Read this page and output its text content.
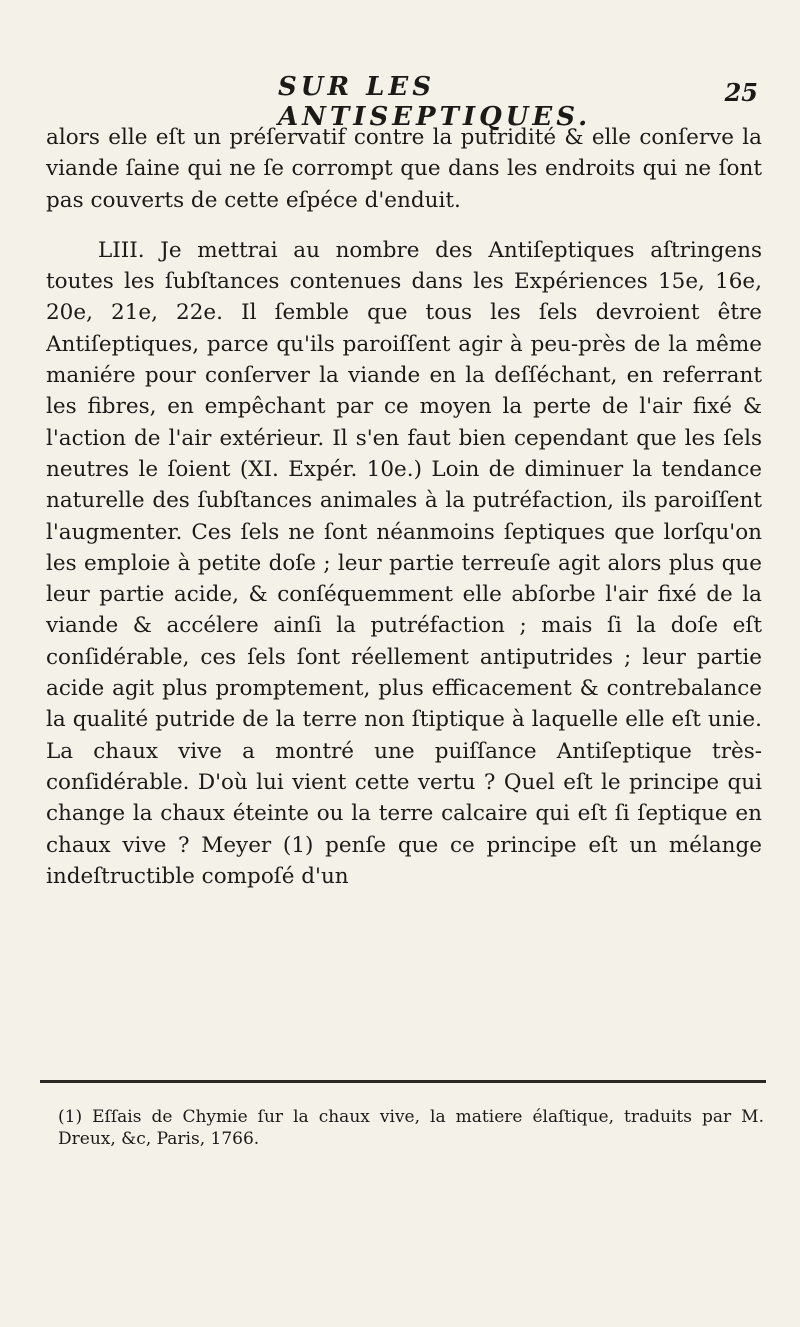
SUR LES ANTISEPTIQUES.
25

alors elle eſt un préſervatif contre la putridité & elle conſerve la viande ſaine qui ne ſe corrompt que dans les endroits qui ne ſont pas couverts de cette eſpéce d'enduit.

LIII. Je mettrai au nombre des Antiſeptiques aſtringens toutes les ſubſtances contenues dans les Expériences 15e, 16e, 20e, 21e, 22e. Il ſemble que tous les ſels devroient être Antiſeptiques, parce qu'ils paroiſſent agir à peu-près de la même maniére pour conſerver la viande en la deſſéchant, en referrant les fibres, en empêchant par ce moyen la perte de l'air fixé & l'action de l'air extérieur. Il s'en faut bien cependant que les ſels neutres le ſoient (XI. Expér. 10e.) Loin de diminuer la tendance naturelle des ſubſtances animales à la putréfaction, ils paroiſſent l'augmenter. Ces ſels ne ſont néanmoins ſeptiques que lorſqu'on les emploie à petite doſe ; leur partie terreuſe agit alors plus que leur partie acide, & conſéquemment elle abſorbe l'air fixé de la viande & accélere ainſi la putréfaction ; mais ſi la doſe eſt conſidérable, ces ſels ſont réellement antiputrides ; leur partie acide agit plus promptement, plus efficacement & contrebalance la qualité putride de la terre non ſtiptique à laquelle elle eſt unie. La chaux vive a montré une puiſſance Antiſeptique très-conſidérable. D'où lui vient cette vertu ? Quel eſt le principe qui change la chaux éteinte ou la terre calcaire qui eſt ſi ſeptique en chaux vive ? Meyer (1) penſe que ce principe eſt un mélange indeſtructible compoſé d'un

(1) Eſſais de Chymie ſur la chaux vive, la matiere élaſtique, traduits par M. Dreux, &c, Paris, 1766.
